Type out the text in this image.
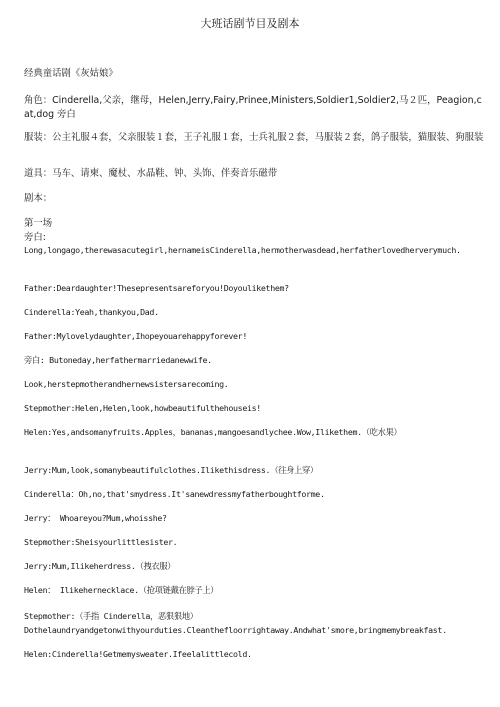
大班话剧节目及剧本

经典童话剧《灰姑娘》

角色：Cinderella,父亲，继母，Helen,Jerry,Fairy,Prinee,Ministers,Soldier1,Soldier2,马２匹，Peagion,cat,dog 旁白

服装：公主礼服４套，父亲服装１套，王子礼服１套，士兵礼服２套，马服装２套，鸽子服装，猫服装、狗服装

道具：马车、请柬、魔杖、水晶鞋、钟、头饰、伴奏音乐磁带

剧本：

第一场

旁白:

Long,longago,therewasacutegirl,hernameisCinderella,hermotherwasdead,herfatherlovedherverymuch.

Father:Deardaughter!Thesepresentsareforyou!Doyoulikethem?

Cinderella:Yeah,thankyou,Dad.

Father:Mylovelydaughter,Ihopeyouarehappyforever!

旁白: Butoneday,herfathermarriedanewwife.

Look,herstepmotherandhernewsistersarecoming.

Stepmother:Helen,Helen,look,howbeautifulthehouseis!

Helen:Yes,andsomanyfruits.Apples，bananas,mangoesandlychee.Wow,Ilikethem.（吃水果）

Jerry:Mum,look,somanybeautifulclothes.Ilikethisdress.（往身上穿）

Cinderella：Oh,no,that'smydress.It'sanewdressmyfatherboughtforme.

Jerry： Whoareyou?Mum,whoisshe?

Stepmother:Sheisyourlittlesister.

Jerry:Mum,Ilikeherdress.（拽衣服）

Helen： Ilikehernecklace.（抢项链戴在脖子上）

Stepmother:（手指 Cinderella，恶狠狠地）

Dothelaundryandgetonwithyourduties.Cleanthefloorrightaway.Andwhat'smore,bringmemybreakfast.

Helen:Cinderella!Getmemysweater.Ifeelalittlecold.
